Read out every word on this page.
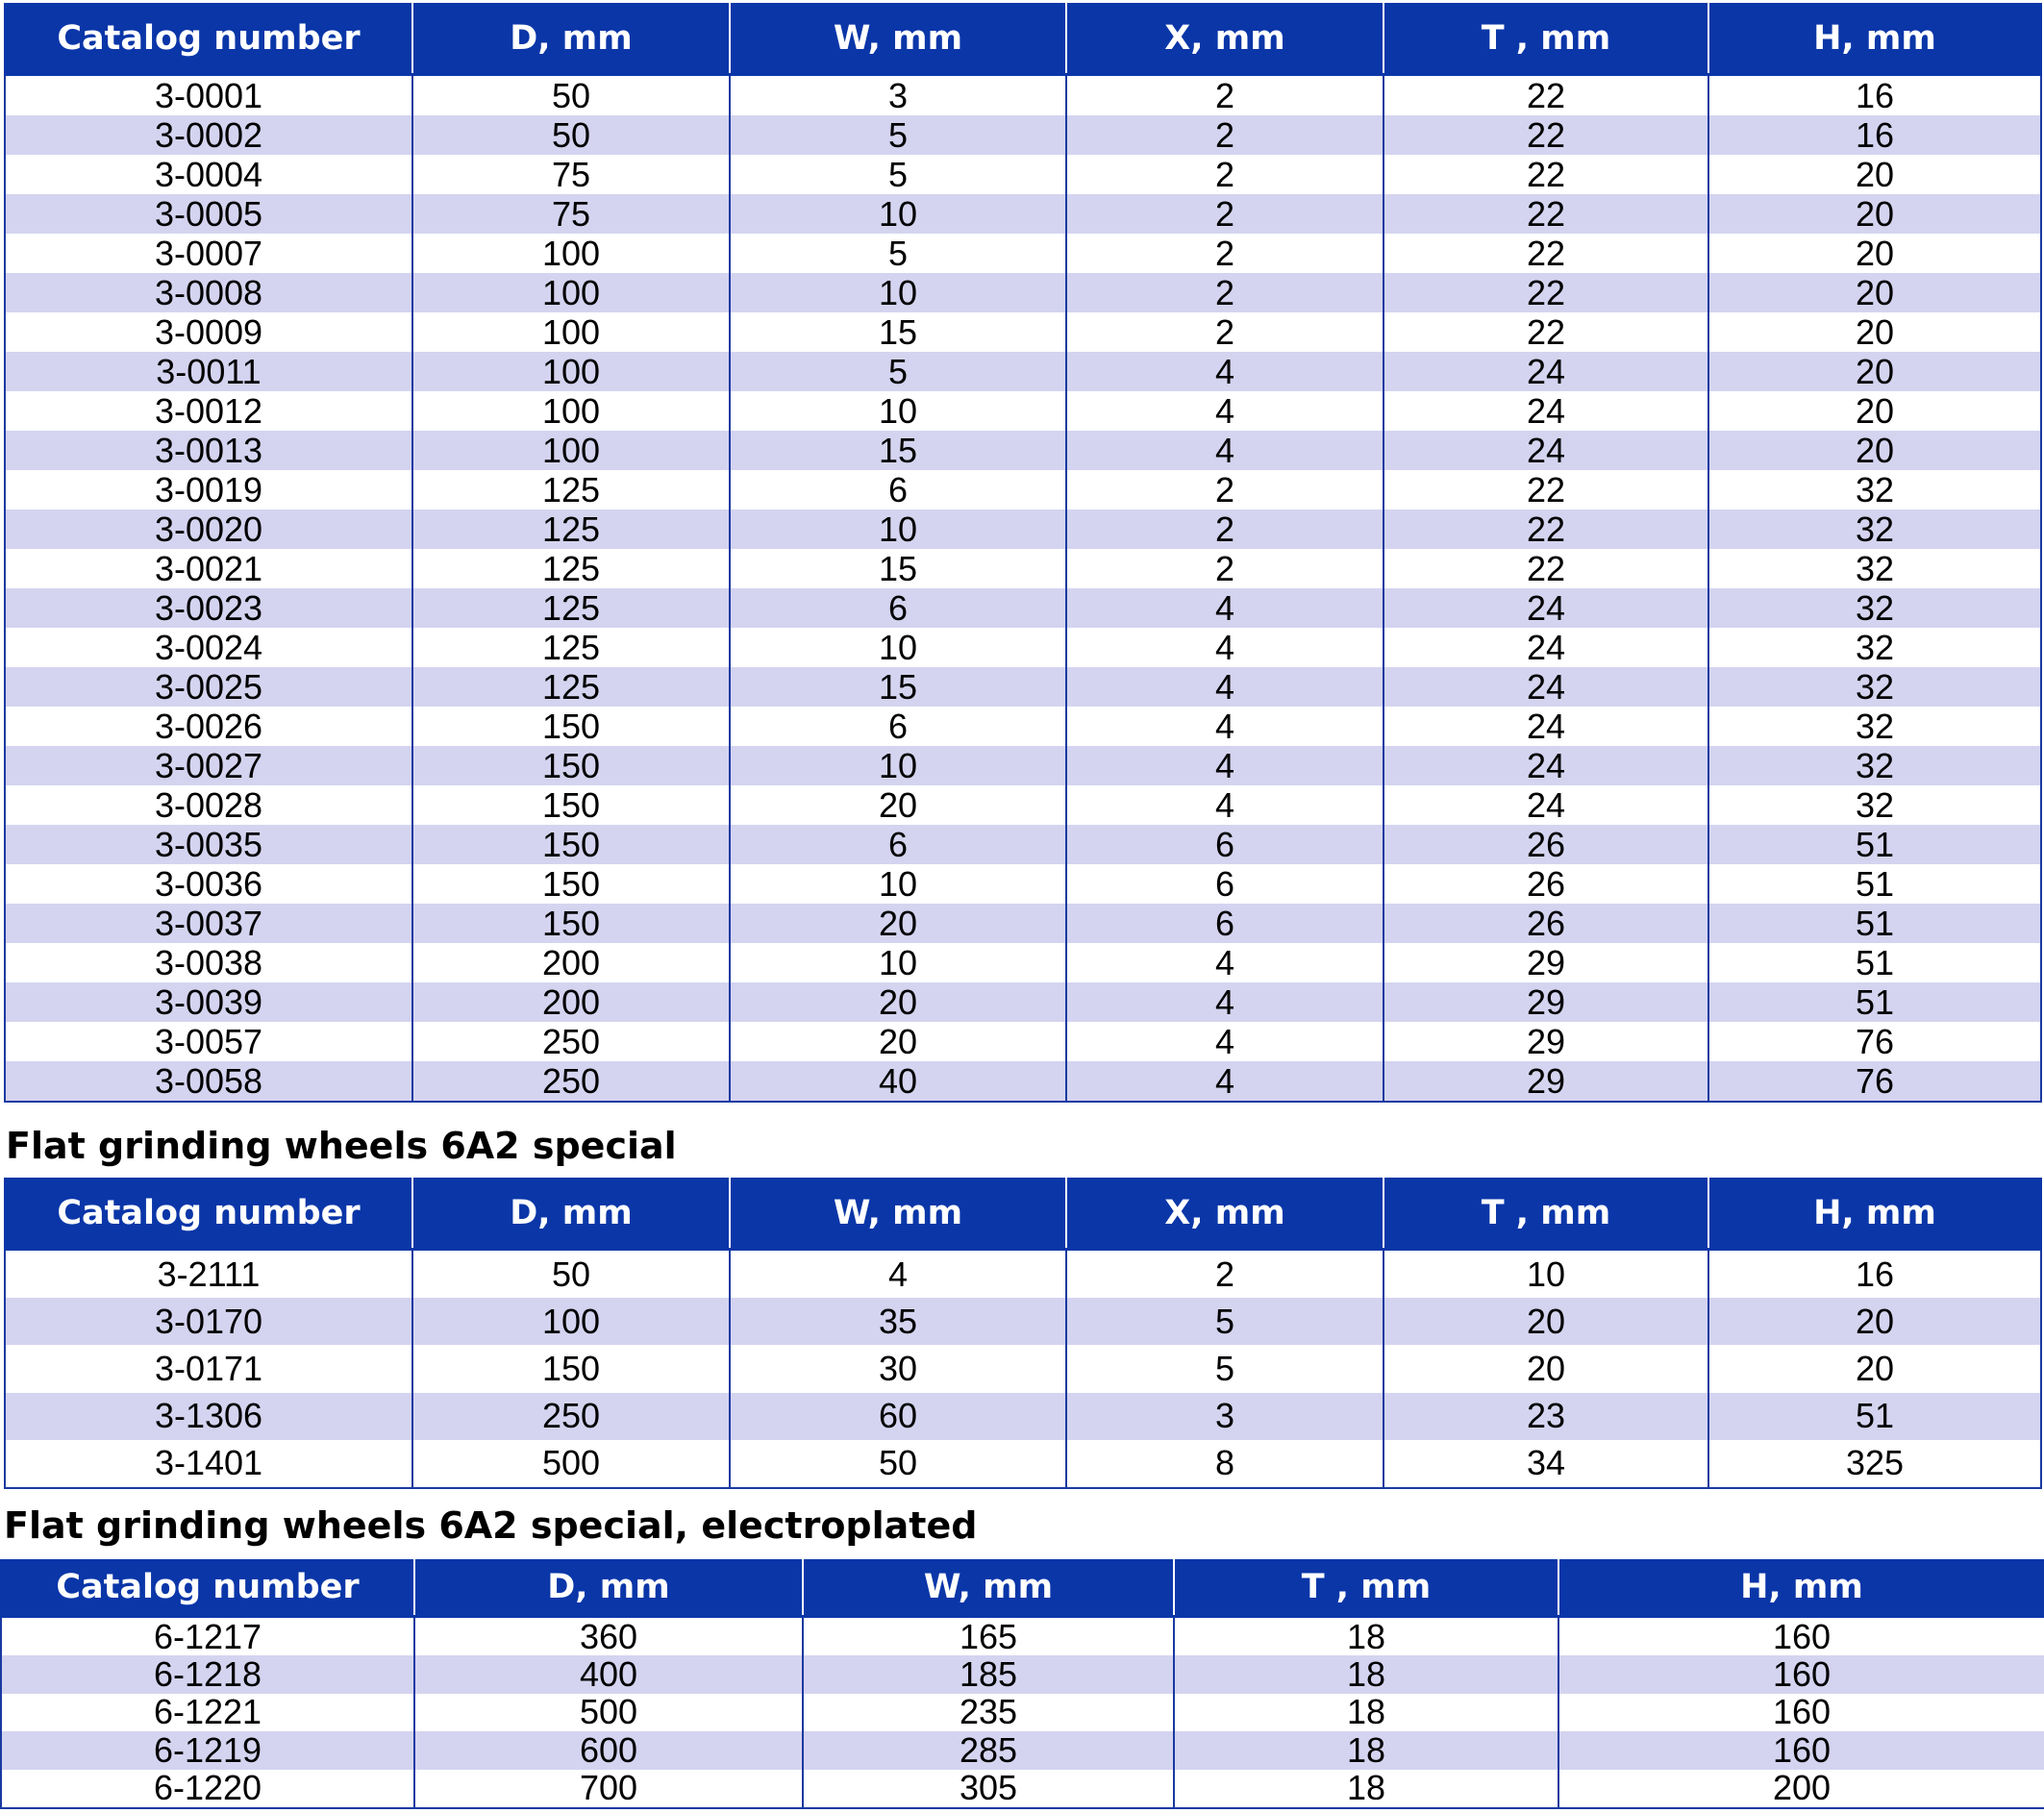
Catalog number	D, mm	W, mm	X, mm	T , mm	H, mm
3-0001	50	3	2	22	16
3-0002	50	5	2	22	16
3-0004	75	5	2	22	20
3-0005	75	10	2	22	20
3-0007	100	5	2	22	20
3-0008	100	10	2	22	20
3-0009	100	15	2	22	20
3-0011	100	5	4	24	20
3-0012	100	10	4	24	20
3-0013	100	15	4	24	20
3-0019	125	6	2	22	32
3-0020	125	10	2	22	32
3-0021	125	15	2	22	32
3-0023	125	6	4	24	32
3-0024	125	10	4	24	32
3-0025	125	15	4	24	32
3-0026	150	6	4	24	32
3-0027	150	10	4	24	32
3-0028	150	20	4	24	32
3-0035	150	6	6	26	51
3-0036	150	10	6	26	51
3-0037	150	20	6	26	51
3-0038	200	10	4	29	51
3-0039	200	20	4	29	51
3-0057	250	20	4	29	76
3-0058	250	40	4	29	76
Flat grinding wheels 6A2 special
Catalog number	D, mm	W, mm	X, mm	T , mm	H, mm
3-2111	50	4	2	10	16
3-0170	100	35	5	20	20
3-0171	150	30	5	20	20
3-1306	250	60	3	23	51
3-1401	500	50	8	34	325
Flat grinding wheels 6A2 special, electroplated
Catalog number	D, mm	W, mm	T , mm	H, mm
6-1217	360	165	18	160
6-1218	400	185	18	160
6-1221	500	235	18	160
6-1219	600	285	18	160
6-1220	700	305	18	200
